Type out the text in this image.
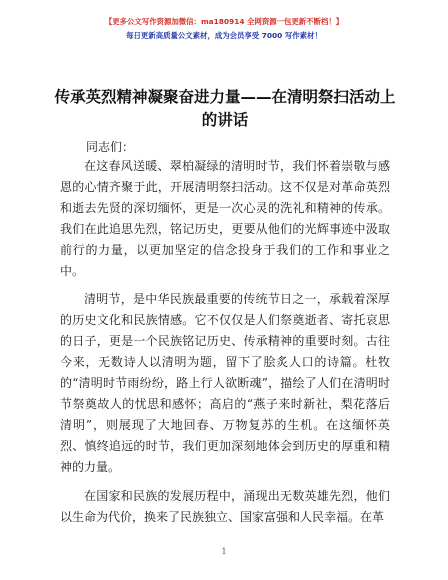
【更多公文写作资源加微信：ma180914 全网资源一包更新不断档！】
每日更新高质量公文素材，成为会员享受 7000 写作素材！
传承英烈精神凝聚奋进力量——在清明祭扫活动上的讲话
同志们：

在这春风送暖、翠柏凝绿的清明时节，我们怀着崇敬与感恩的心情齐聚于此，开展清明祭扫活动。这不仅是对革命英烈和逝去先贤的深切缅怀，更是一次心灵的洗礼和精神的传承。我们在此追思先烈，铭记历史，更要从他们的光辉事迹中汲取前行的力量，以更加坚定的信念投身于我们的工作和事业之中。

清明节，是中华民族最重要的传统节日之一，承载着深厚的历史文化和民族情感。它不仅仅是人们祭奠逝者、寄托哀思的日子，更是一个民族铭记历史、传承精神的重要时刻。古往今来，无数诗人以清明为题，留下了脍炙人口的诗篇。杜牧的“清明时节雨纷纷，路上行人欲断魂”，描绘了人们在清明时节祭奠故人的忧思和感怀；高启的“燕子来时新社，梨花落后清明”，则展现了大地回春、万物复苏的生机。在这缅怀英烈、慎终追远的时节，我们更加深刻地体会到历史的厚重和精神的力量。

在国家和民族的发展历程中，涌现出无数英雄先烈，他们以生命为代价，换来了民族独立、国家富强和人民幸福。在革

1
